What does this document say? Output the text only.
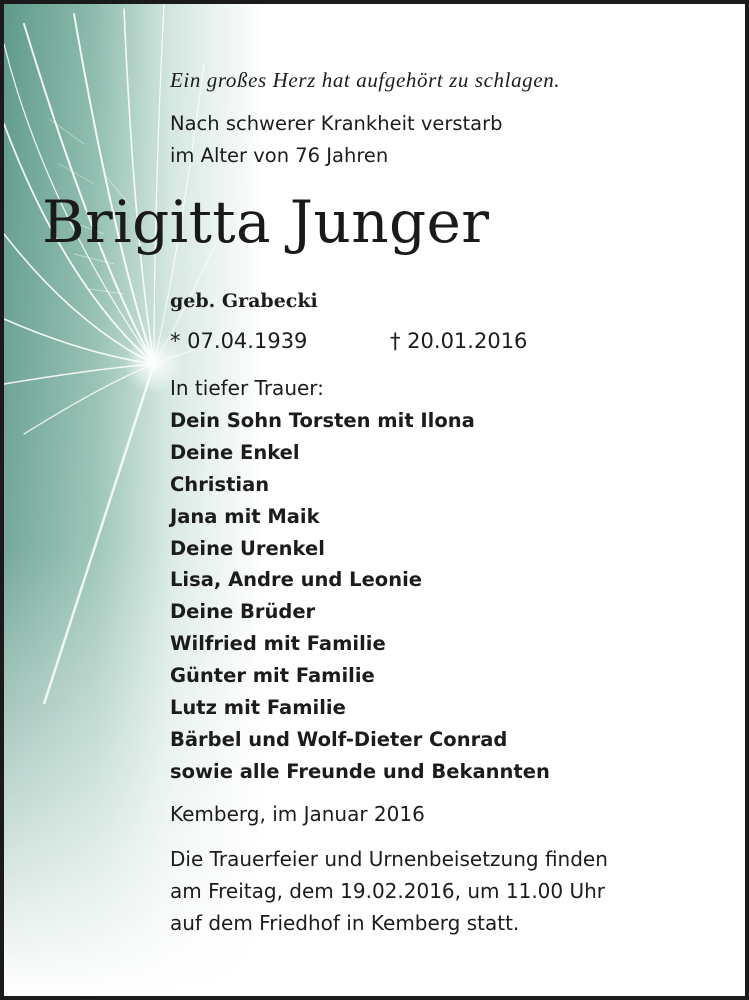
Ein großes Herz hat aufgehört zu schlagen.
Nach schwerer Krankheit verstarb
im Alter von 76 Jahren
Brigitta Junger
geb. Grabecki
* 07.04.1939	† 20.01.2016
In tiefer Trauer:
Dein Sohn Torsten mit Ilona
Deine Enkel
Christian
Jana mit Maik
Deine Urenkel
Lisa, Andre und Leonie
Deine Brüder
Wilfried mit Familie
Günter mit Familie
Lutz mit Familie
Bärbel und Wolf-Dieter Conrad
sowie alle Freunde und Bekannten
Kemberg, im Januar 2016
Die Trauerfeier und Urnenbeisetzung finden
am Freitag, dem 19.02.2016, um 11.00 Uhr
auf dem Friedhof in Kemberg statt.
